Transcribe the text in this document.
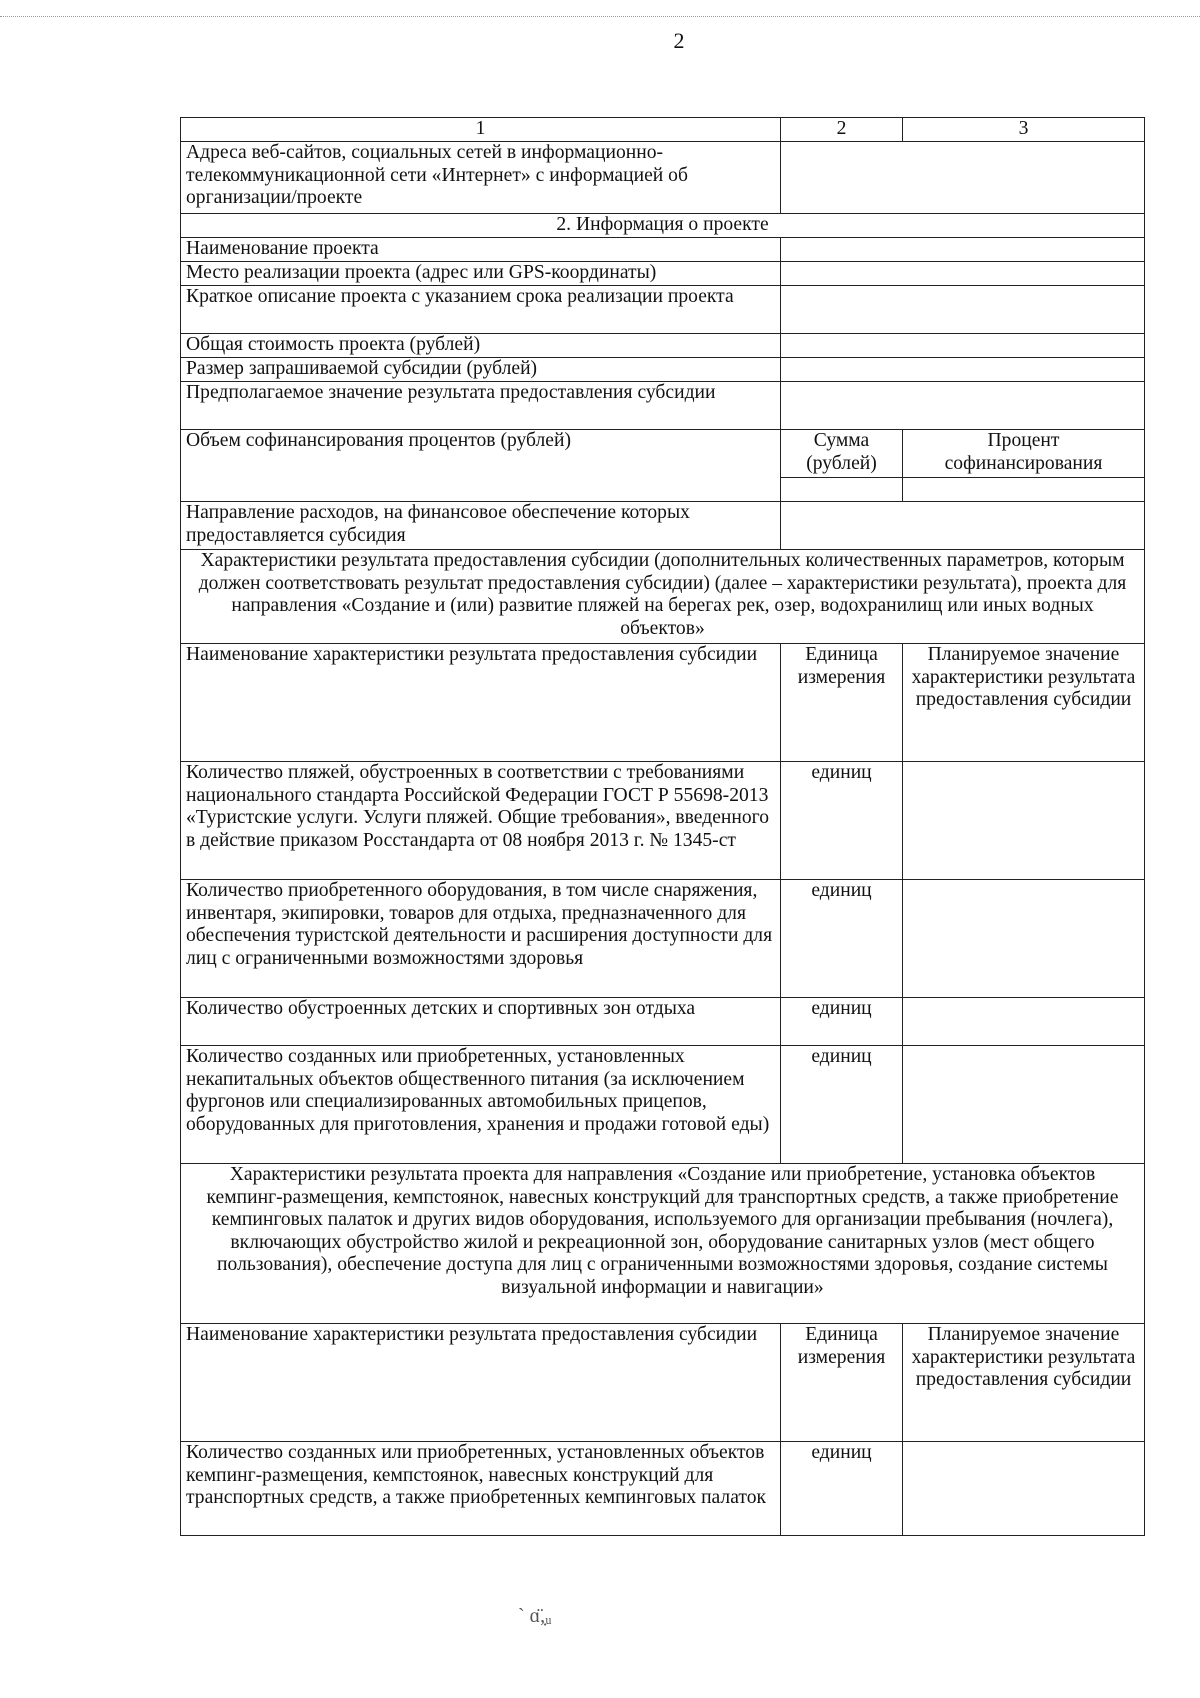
2
1	2	3
Адреса веб-сайтов, социальных сетей в информационно-телекоммуникационной сети «Интернет» с информацией об организации/проекте		
2. Информация о проекте		
Наименование проекта		
Место реализации проекта (адрес или GPS-координаты)		
Краткое описание проекта с указанием срока реализации проекта		
Общая стоимость проекта (рублей)		
Размер запрашиваемой субсидии (рублей)		
Предполагаемое значение результата предоставления субсидии		
Объем софинансирования процентов (рублей)	Сумма (рублей)	Процент софинансирования

Направление расходов, на финансовое обеспечение которых предоставляется субсидия		
Характеристики результата предоставления субсидии (дополнительных количественных параметров, которым должен соответствовать результат предоставления субсидии) (далее – характеристики результата), проекта для направления «Создание и (или) развитие пляжей на берегах рек, озер, водохранилищ или иных водных объектов»		
Наименование характеристики результата предоставления субсидии	Единица измерения	Планируемое значение характеристики результата предоставления субсидии
Количество пляжей, обустроенных в соответствии с требованиями национального стандарта Российской Федерации ГОСТ Р 55698-2013 «Туристские услуги. Услуги пляжей. Общие требования», введенного в действие приказом Росстандарта от 08 ноября 2013 г. № 1345-ст	единиц	
Количество приобретенного оборудования, в том числе снаряжения, инвентаря, экипировки, товаров для отдыха, предназначенного для обеспечения туристской деятельности и расширения доступности для лиц с ограниченными возможностями здоровья	единиц	
Количество обустроенных детских и спортивных зон отдыха	единиц	
Количество созданных или приобретенных, установленных некапитальных объектов общественного питания (за исключением фургонов или специализированных автомобильных прицепов, оборудованных для приготовления, хранения и продажи готовой еды)	единиц	
Характеристики результата проекта для направления «Создание или приобретение, установка объектов кемпинг-размещения, кемпстоянок, навесных конструкций для транспортных средств, а также приобретение кемпинговых палаток и других видов оборудования, используемого для организации пребывания (ночлега), включающих обустройство жилой и рекреационной зон, оборудование санитарных узлов (мест общего пользования), обеспечение доступа для лиц с ограниченными возможностями здоровья, создание системы визуальной информации и навигации»		
Наименование характеристики результата предоставления субсидии	Единица измерения	Планируемое значение характеристики результата предоставления субсидии
Количество созданных или приобретенных, установленных объектов кемпинг-размещения, кемпстоянок, навесных конструкций для транспортных средств, а также приобретенных кемпинговых палаток	единиц	
ˋ ɑ̈,̣ᵤ
